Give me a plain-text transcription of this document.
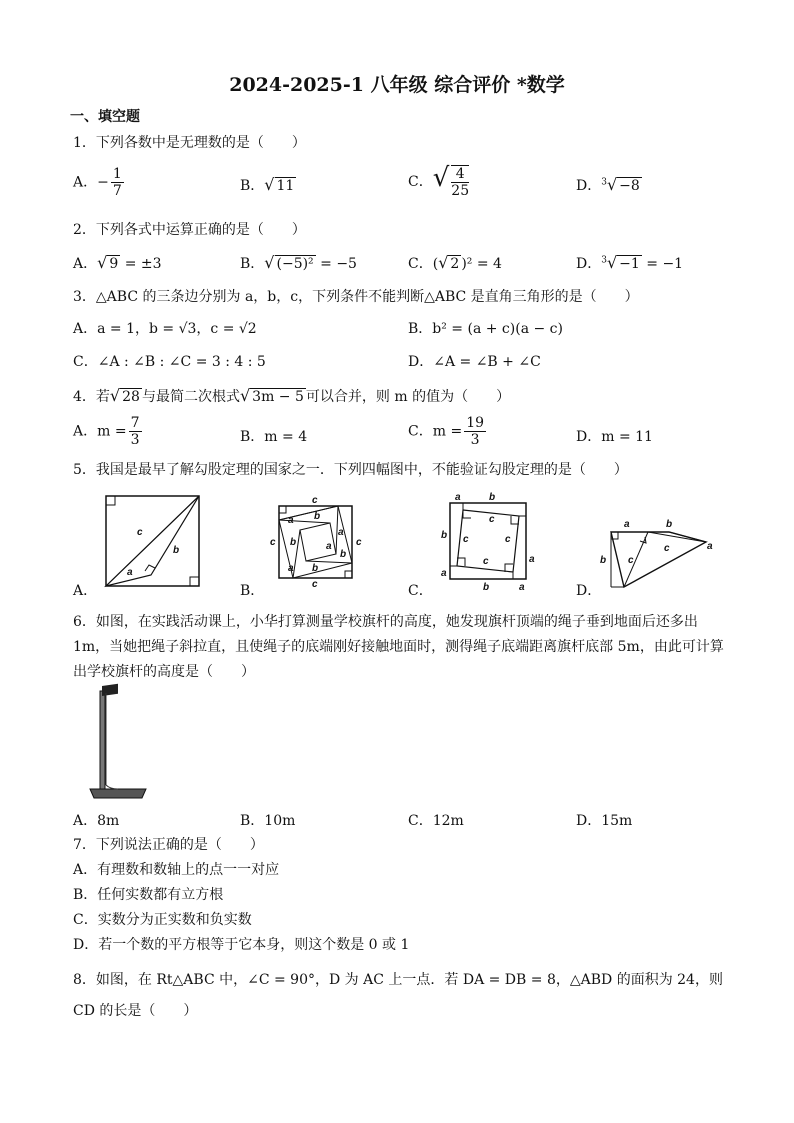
2024-2025-1 八年级 综合评价 *数学
一、填空题
1．下列各数中是无理数的是（　　）
A．− $\frac{1}{7}$	B．√ 11	C．√ $\frac{4}{25}$	D．$^3$√ −8
2．下列各式中运算正确的是（　　）
A．√ 9 = ±3	B．√ (−5)² = −5	C．(√ 2 )² = 4	D．$^3$√ −1 = −1
3．△ABC 的三条边分别为 a，b，c，下列条件不能判断△ABC 是直角三角形的是（　　）
A．a = 1，b = √3，c = √2	B．b² = (a + c)(a − c)
C．∠A : ∠B : ∠C = 3 : 4 : 5	D．∠A = ∠B + ∠C
4．若√ 28 与最简二次根式√ 3m − 5 可以合并，则 m 的值为（　　）
A．$m = \frac{7}{3}$	B．m = 4	C．$m = \frac{19}{3}$	D．m = 11
5．我国是最早了解勾股定理的国家之一．下列四幅图中，不能验证勾股定理的是（　　）
c
b
a
A．
c
c	c
c
a b
a
b
b
a b
a
B．
a	b
b
a
a
b	a
c
c	c
c
C．
a	b
b
a
c
c
D．
6．如图，在实践活动课上，小华打算测量学校旗杆的高度，她发现旗杆顶端的绳子垂到地面后还多出
1m，当她把绳子斜拉直，且使绳子的底端刚好接触地面时，测得绳子底端距离旗杆底部 5m，由此可计算
出学校旗杆的高度是（　　）
A．8m	B．10m	C．12m	D．15m
7．下列说法正确的是（　　）
A．有理数和数轴上的点一一对应
B．任何实数都有立方根
C．实数分为正实数和负实数
D．若一个数的平方根等于它本身，则这个数是 0 或 1
8．如图，在 Rt△ABC 中，∠C = 90°，D 为 AC 上一点．若 DA = DB = 8，△ABD 的面积为 24，则
CD 的长是（　　）
